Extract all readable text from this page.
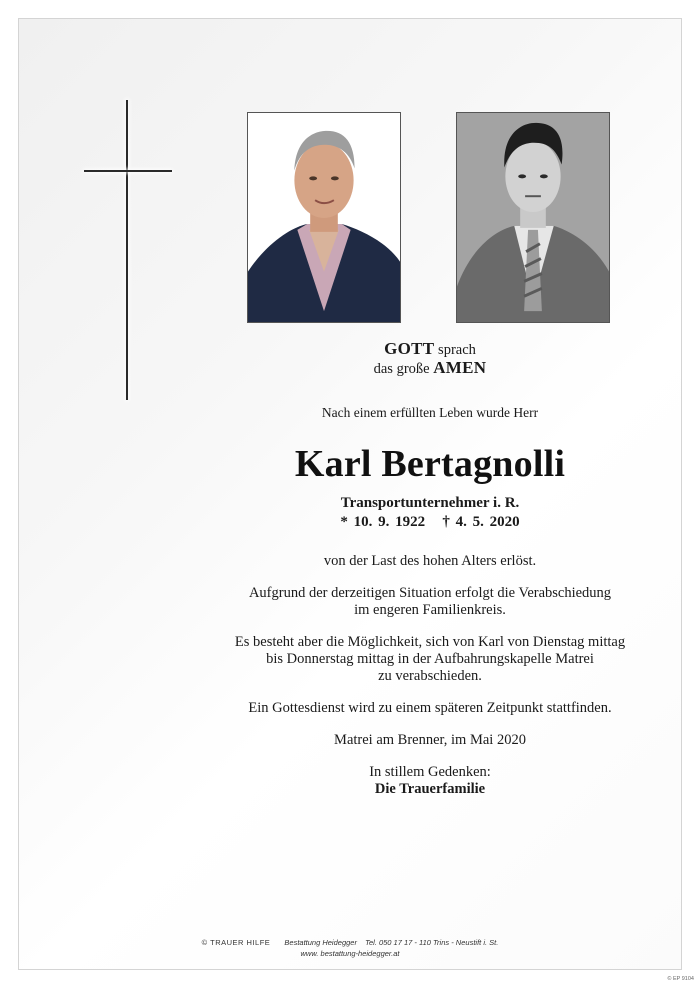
GOTT sprach

das große AMEN

Nach einem erfüllten Leben wurde Herr

Karl Bertagnolli

Transportunternehmer i. R.

* 10. 9. 1922 † 4. 5. 2020

von der Last des hohen Alters erlöst.

Aufgrund der derzeitigen Situation erfolgt die Verabschiedung
im engeren Familienkreis.
Es besteht aber die Möglichkeit, sich von Karl von Dienstag mittag
bis Donnerstag mittag in der Aufbahrungskapelle Matrei
zu verabschieden.

Ein Gottesdienst wird zu einem späteren Zeitpunkt stattfinden.

Matrei am Brenner, im Mai 2020

In stillem Gedenken:
Die Trauerfamilie
© TRAUER HILFE Bestattung Heidegger Tel. 050 17 17 - 110 Trins - Neustift i. St.
www. bestattung-heidegger.at
© EP 9104
